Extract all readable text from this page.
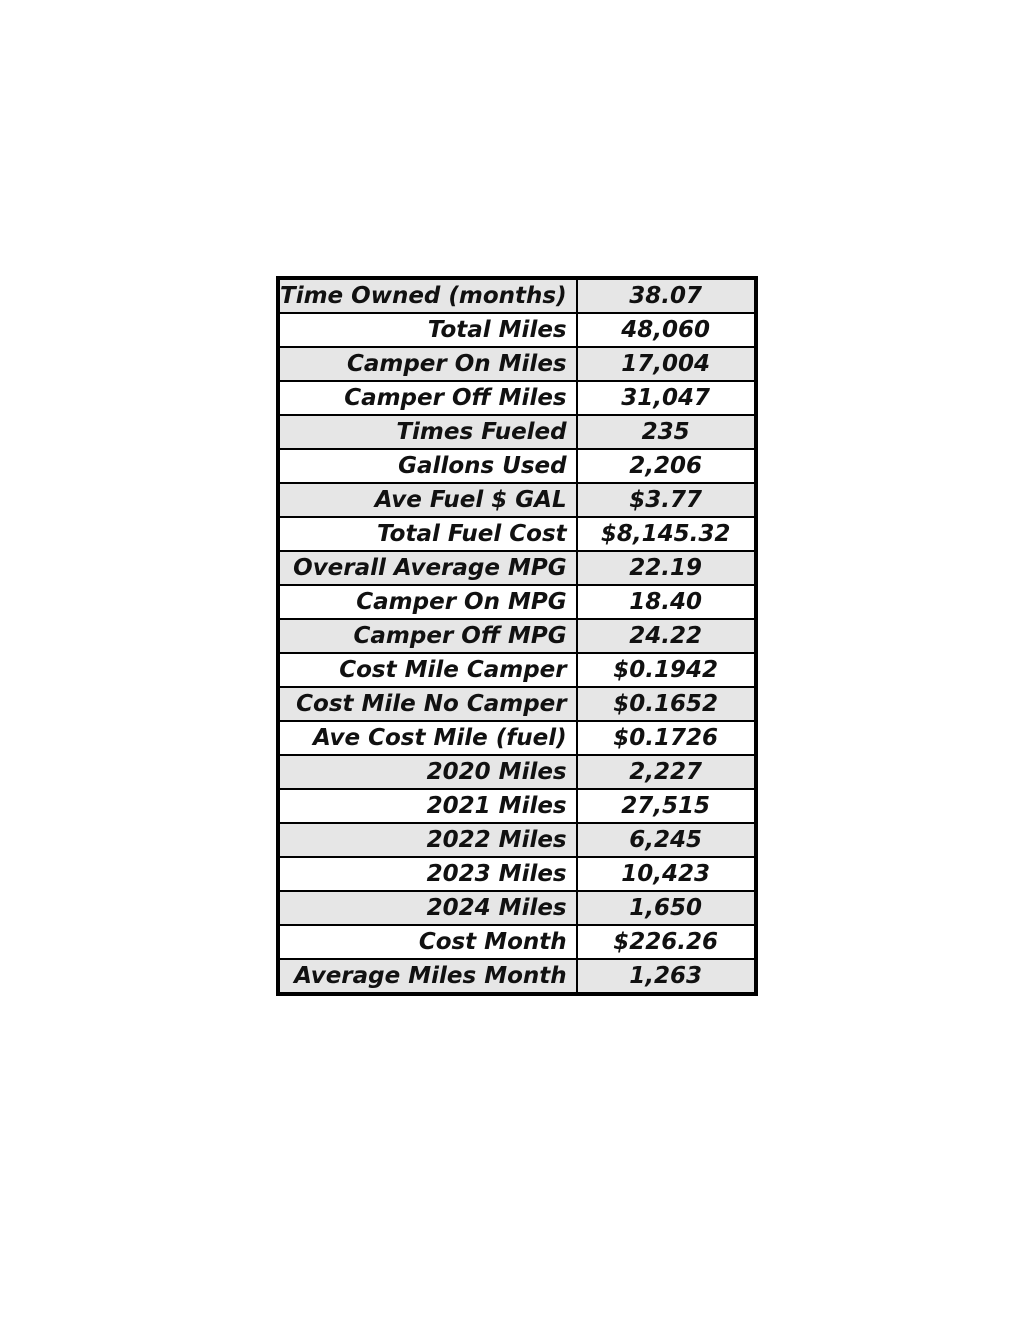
Time Owned (months)	38.07
Total Miles	48,060
Camper On Miles	17,004
Camper Off Miles	31,047
Times Fueled	235
Gallons Used	2,206
Ave Fuel $ GAL	$3.77
Total Fuel Cost	$8,145.32
Overall Average MPG	22.19
Camper On MPG	18.40
Camper Off MPG	24.22
Cost Mile Camper	$0.1942
Cost Mile No Camper	$0.1652
Ave Cost Mile (fuel)	$0.1726
2020 Miles	2,227
2021 Miles	27,515
2022 Miles	6,245
2023 Miles	10,423
2024 Miles	1,650
Cost Month	$226.26
Average Miles Month	1,263
